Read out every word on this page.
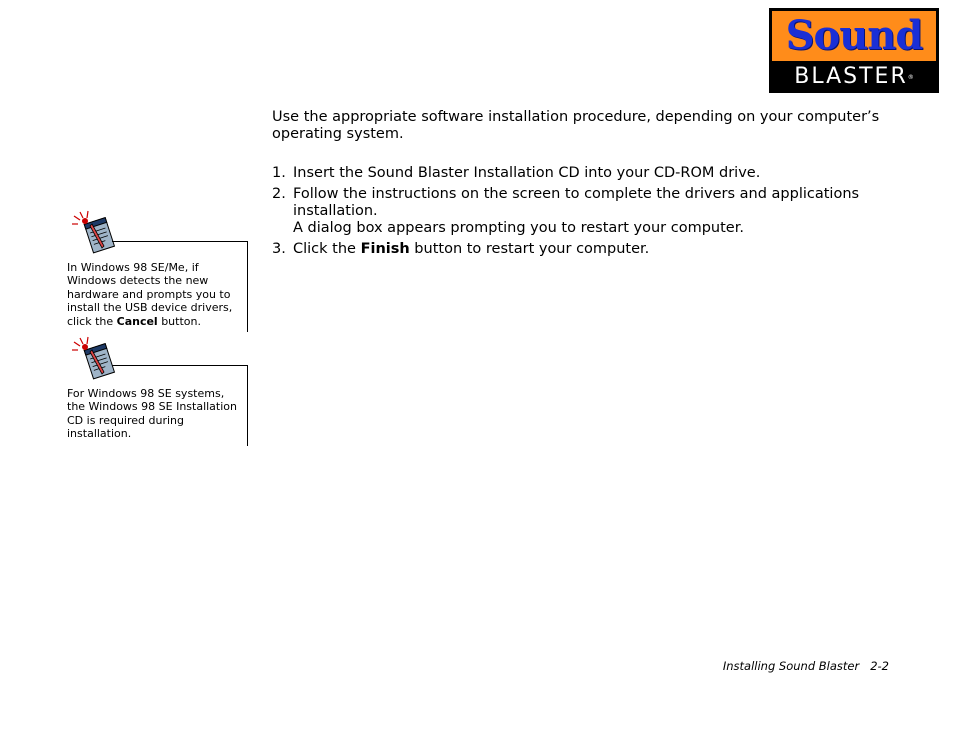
Sound
BLASTER ®

Use the appropriate software installation procedure, depending on your computer’s operating system.

1. Insert the Sound Blaster Installation CD into your CD-ROM drive.
2. Follow the instructions on the screen to complete the drivers and applications installation.
A dialog box appears prompting you to restart your computer.
3. Click the Finish button to restart your computer.

In Windows 98 SE/Me, if Windows detects the new hardware and prompts you to install the USB device drivers, click the Cancel button.

For Windows 98 SE systems, the Windows 98 SE Installation CD is required during installation.

Installing Sound Blaster 2-2
